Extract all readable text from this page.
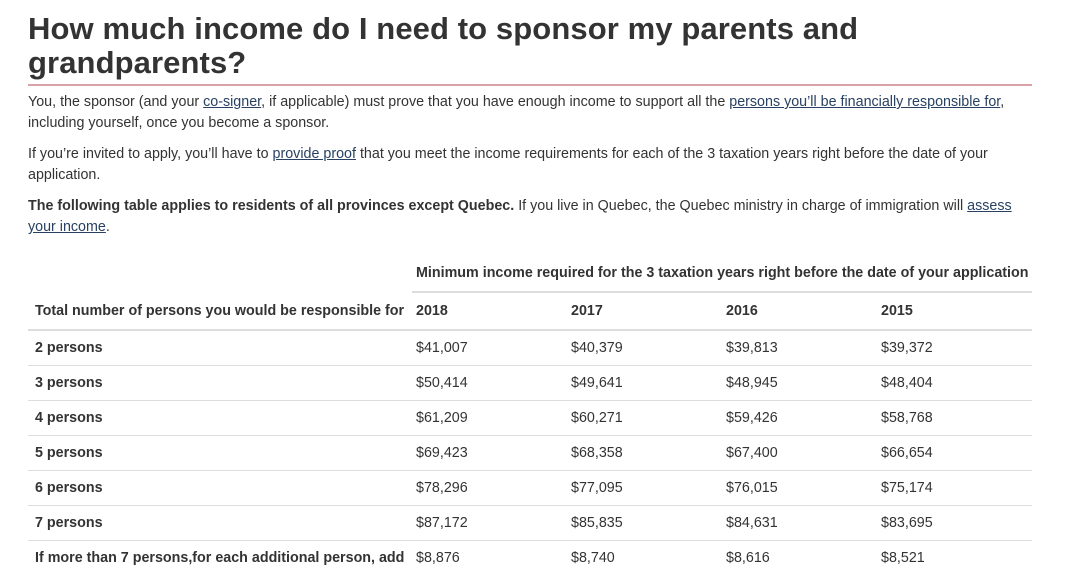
How much income do I need to sponsor my parents and grandparents?

You, the sponsor (and your co-signer, if applicable) must prove that you have enough income to support all the persons you’ll be financially responsible for, including yourself, once you become a sponsor.

If you’re invited to apply, you’ll have to provide proof that you meet the income requirements for each of the 3 taxation years right before the date of your application.

The following table applies to residents of all provinces except Quebec. If you live in Quebec, the Quebec ministry in charge of immigration will assess your income.

	Minimum income required for the 3 taxation years right before the date of your application			
Total number of persons you would be responsible for	2018	2017	2016	2015
2 persons	$41,007	$40,379	$39,813	$39,372
3 persons	$50,414	$49,641	$48,945	$48,404
4 persons	$61,209	$60,271	$59,426	$58,768
5 persons	$69,423	$68,358	$67,400	$66,654
6 persons	$78,296	$77,095	$76,015	$75,174
7 persons	$87,172	$85,835	$84,631	$83,695
If more than 7 persons,for each additional person, add	$8,876	$8,740	$8,616	$8,521
